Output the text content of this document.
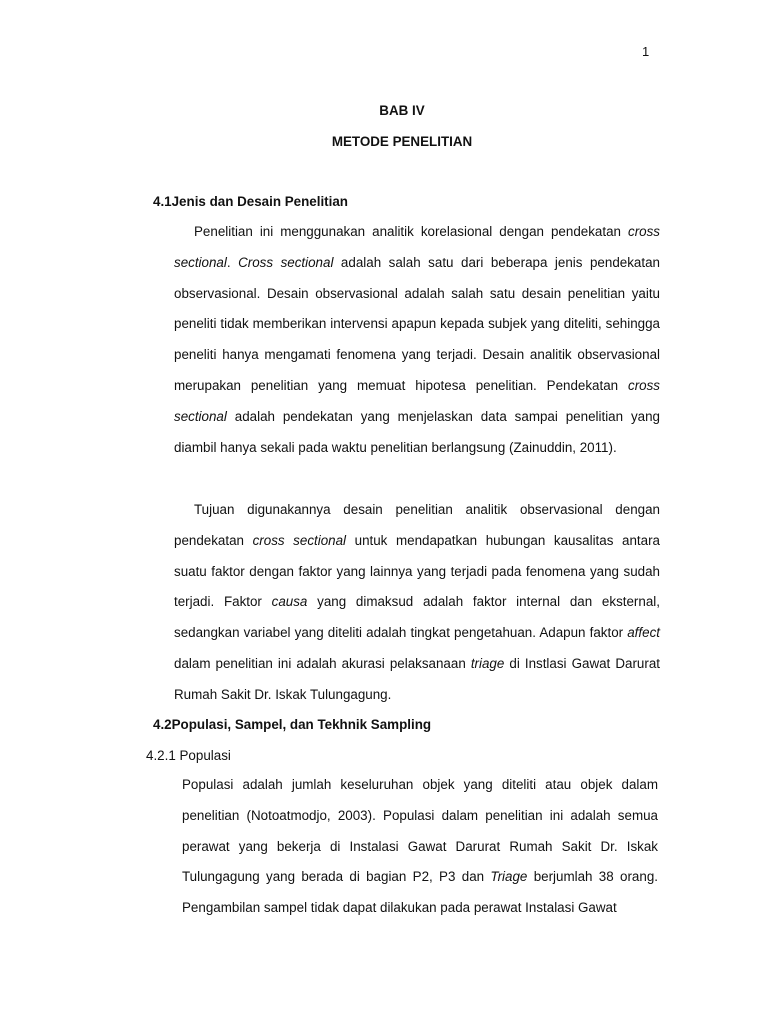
1
BAB IV
METODE PENELITIAN
4.1Jenis dan Desain Penelitian
Penelitian ini menggunakan analitik korelasional dengan pendekatan cross sectional. Cross sectional adalah salah satu dari beberapa jenis pendekatan observasional. Desain observasional adalah salah satu desain penelitian yaitu peneliti tidak memberikan intervensi apapun kepada subjek yang diteliti, sehingga peneliti hanya mengamati fenomena yang terjadi. Desain analitik observasional merupakan penelitian yang memuat hipotesa penelitian. Pendekatan cross sectional adalah pendekatan yang menjelaskan data sampai penelitian yang diambil hanya sekali pada waktu penelitian berlangsung (Zainuddin, 2011).
Tujuan digunakannya desain penelitian analitik observasional dengan pendekatan cross sectional untuk mendapatkan hubungan kausalitas antara suatu faktor dengan faktor yang lainnya yang terjadi pada fenomena yang sudah terjadi. Faktor causa yang dimaksud adalah faktor internal dan eksternal, sedangkan variabel yang diteliti adalah tingkat pengetahuan. Adapun faktor affect dalam penelitian ini adalah akurasi pelaksanaan triage di Instlasi Gawat Darurat Rumah Sakit Dr. Iskak Tulungagung.
4.2Populasi, Sampel, dan Tekhnik Sampling
4.2.1 Populasi
Populasi adalah jumlah keseluruhan objek yang diteliti atau objek dalam penelitian (Notoatmodjo, 2003). Populasi dalam penelitian ini adalah semua perawat yang bekerja di Instalasi Gawat Darurat Rumah Sakit Dr. Iskak Tulungagung yang berada di bagian P2, P3 dan Triage berjumlah 38 orang. Pengambilan sampel tidak dapat dilakukan pada perawat Instalasi Gawat
